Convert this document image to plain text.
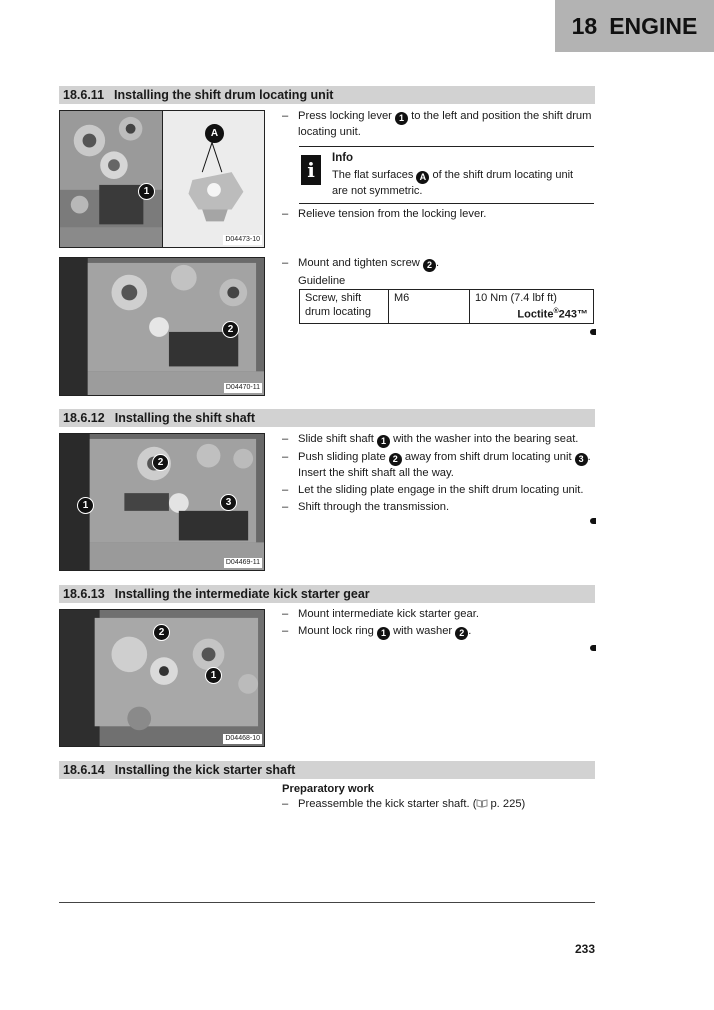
18 ENGINE
18.6.11 Installing the shift drum locating unit
1
A
D04473-10
2
D04470-11
– Press locking lever 1 to the left and position the shift drum locating unit.
i	Info
The flat surfaces A of the shift drum locating unit are not symmetric.
– Relieve tension from the locking lever.
– Mount and tighten screw 2 .
Guideline
Screw, shift drum locating	M6	10 Nm (7.4 lbf ft)
Loctite®243™
18.6.12 Installing the shift shaft
2
1	3
D04469-11
– Slide shift shaft 1 with the washer into the bearing seat.
– Push sliding plate 2 away from shift drum locating unit 3 . Insert the shift shaft all the way.
– Let the sliding plate engage in the shift drum locating unit.
– Shift through the transmission.
18.6.13 Installing the intermediate kick starter gear
2
1
D04468-10
– Mount intermediate kick starter gear.
– Mount lock ring 1 with washer 2 .
18.6.14 Installing the kick starter shaft
Preparatory work
– Preassemble the kick starter shaft. ( p. 225)
233
